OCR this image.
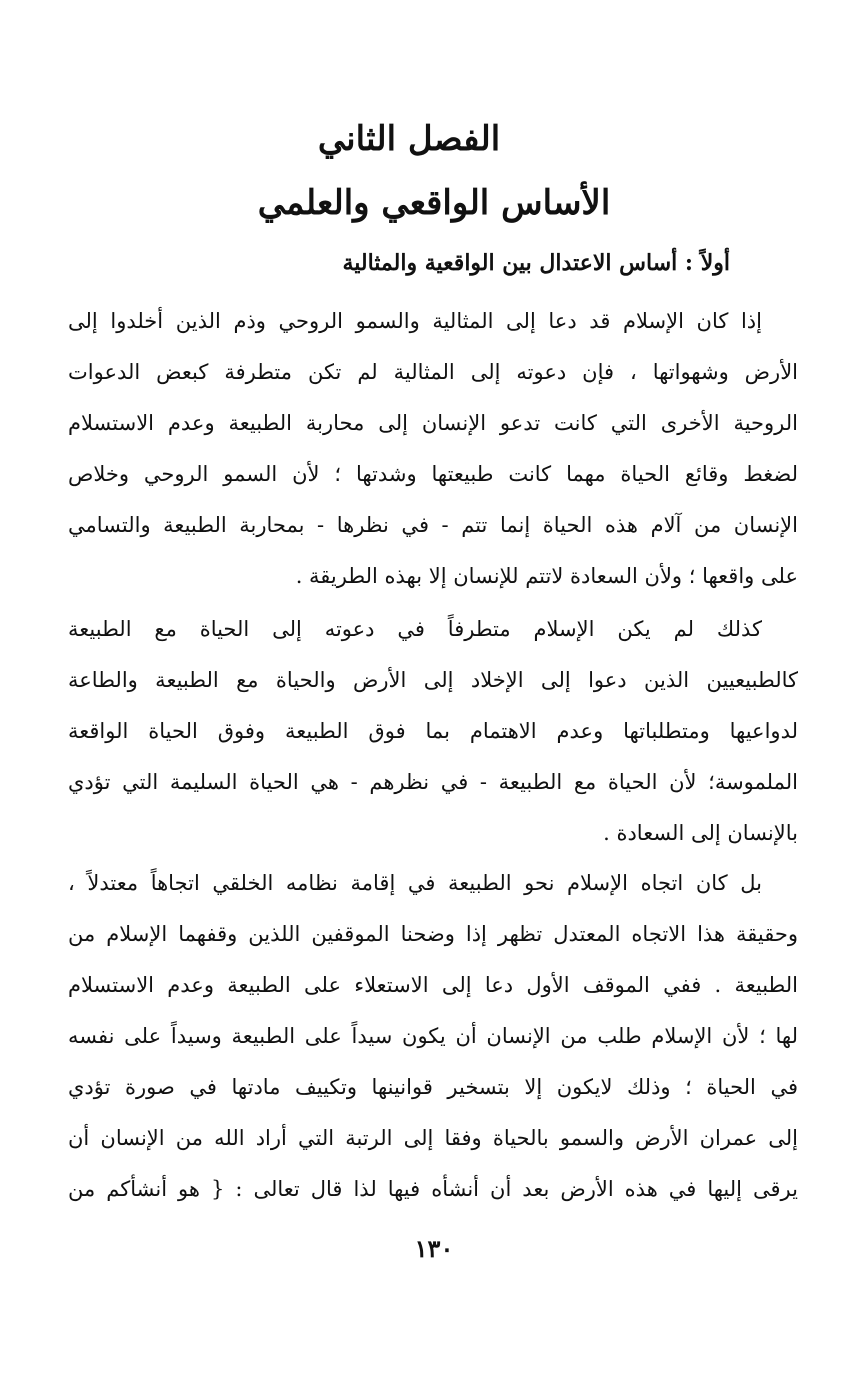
الفصل الثاني
الأساس الواقعي والعلمي
أولاً : أساس الاعتدال بين الواقعية والمثالية
إذا كان الإسلام قد دعا إلى المثالية والسمو الروحي وذم الذين أخلدوا إلى
الأرض وشهواتها ، فإن دعوته إلى المثالية لم تكن متطرفة كبعض الدعوات
الروحية الأخرى التي كانت تدعو الإنسان إلى محاربة الطبيعة وعدم الاستسلام
لضغط وقائع الحياة مهما كانت طبيعتها وشدتها ؛ لأن السمو الروحي وخلاص
الإنسان من آلام هذه الحياة إنما تتم - في نظرها - بمحاربة الطبيعة والتسامي
على واقعها ؛ ولأن السعادة لاتتم للإنسان إلا بهذه الطريقة .
كذلك لم يكن الإسلام متطرفاً في دعوته إلى الحياة مع الطبيعة
كالطبيعيين الذين دعوا إلى الإخلاد إلى الأرض والحياة مع الطبيعة والطاعة
لدواعيها ومتطلباتها وعدم الاهتمام بما فوق الطبيعة وفوق الحياة الواقعة
الملموسة؛ لأن الحياة مع الطبيعة - في نظرهم - هي الحياة السليمة التي تؤدي
بالإنسان إلى السعادة .
بل كان اتجاه الإسلام نحو الطبيعة في إقامة نظامه الخلقي اتجاهاً معتدلاً ،
وحقيقة هذا الاتجاه المعتدل تظهر إذا وضحنا الموقفين اللذين وقفهما الإسلام من
الطبيعة . ففي الموقف الأول دعا إلى الاستعلاء على الطبيعة وعدم الاستسلام
لها ؛ لأن الإسلام طلب من الإنسان أن يكون سيداً على الطبيعة وسيداً على نفسه
في الحياة ؛ وذلك لايكون إلا بتسخير قوانينها وتكييف مادتها في صورة تؤدي
إلى عمران الأرض والسمو بالحياة وفقا إلى الرتبة التي أراد الله من الإنسان أن
يرقى إليها في هذه الأرض بعد أن أنشأه فيها لذا قال تعالى : { هو أنشأكم من
١٣٠
